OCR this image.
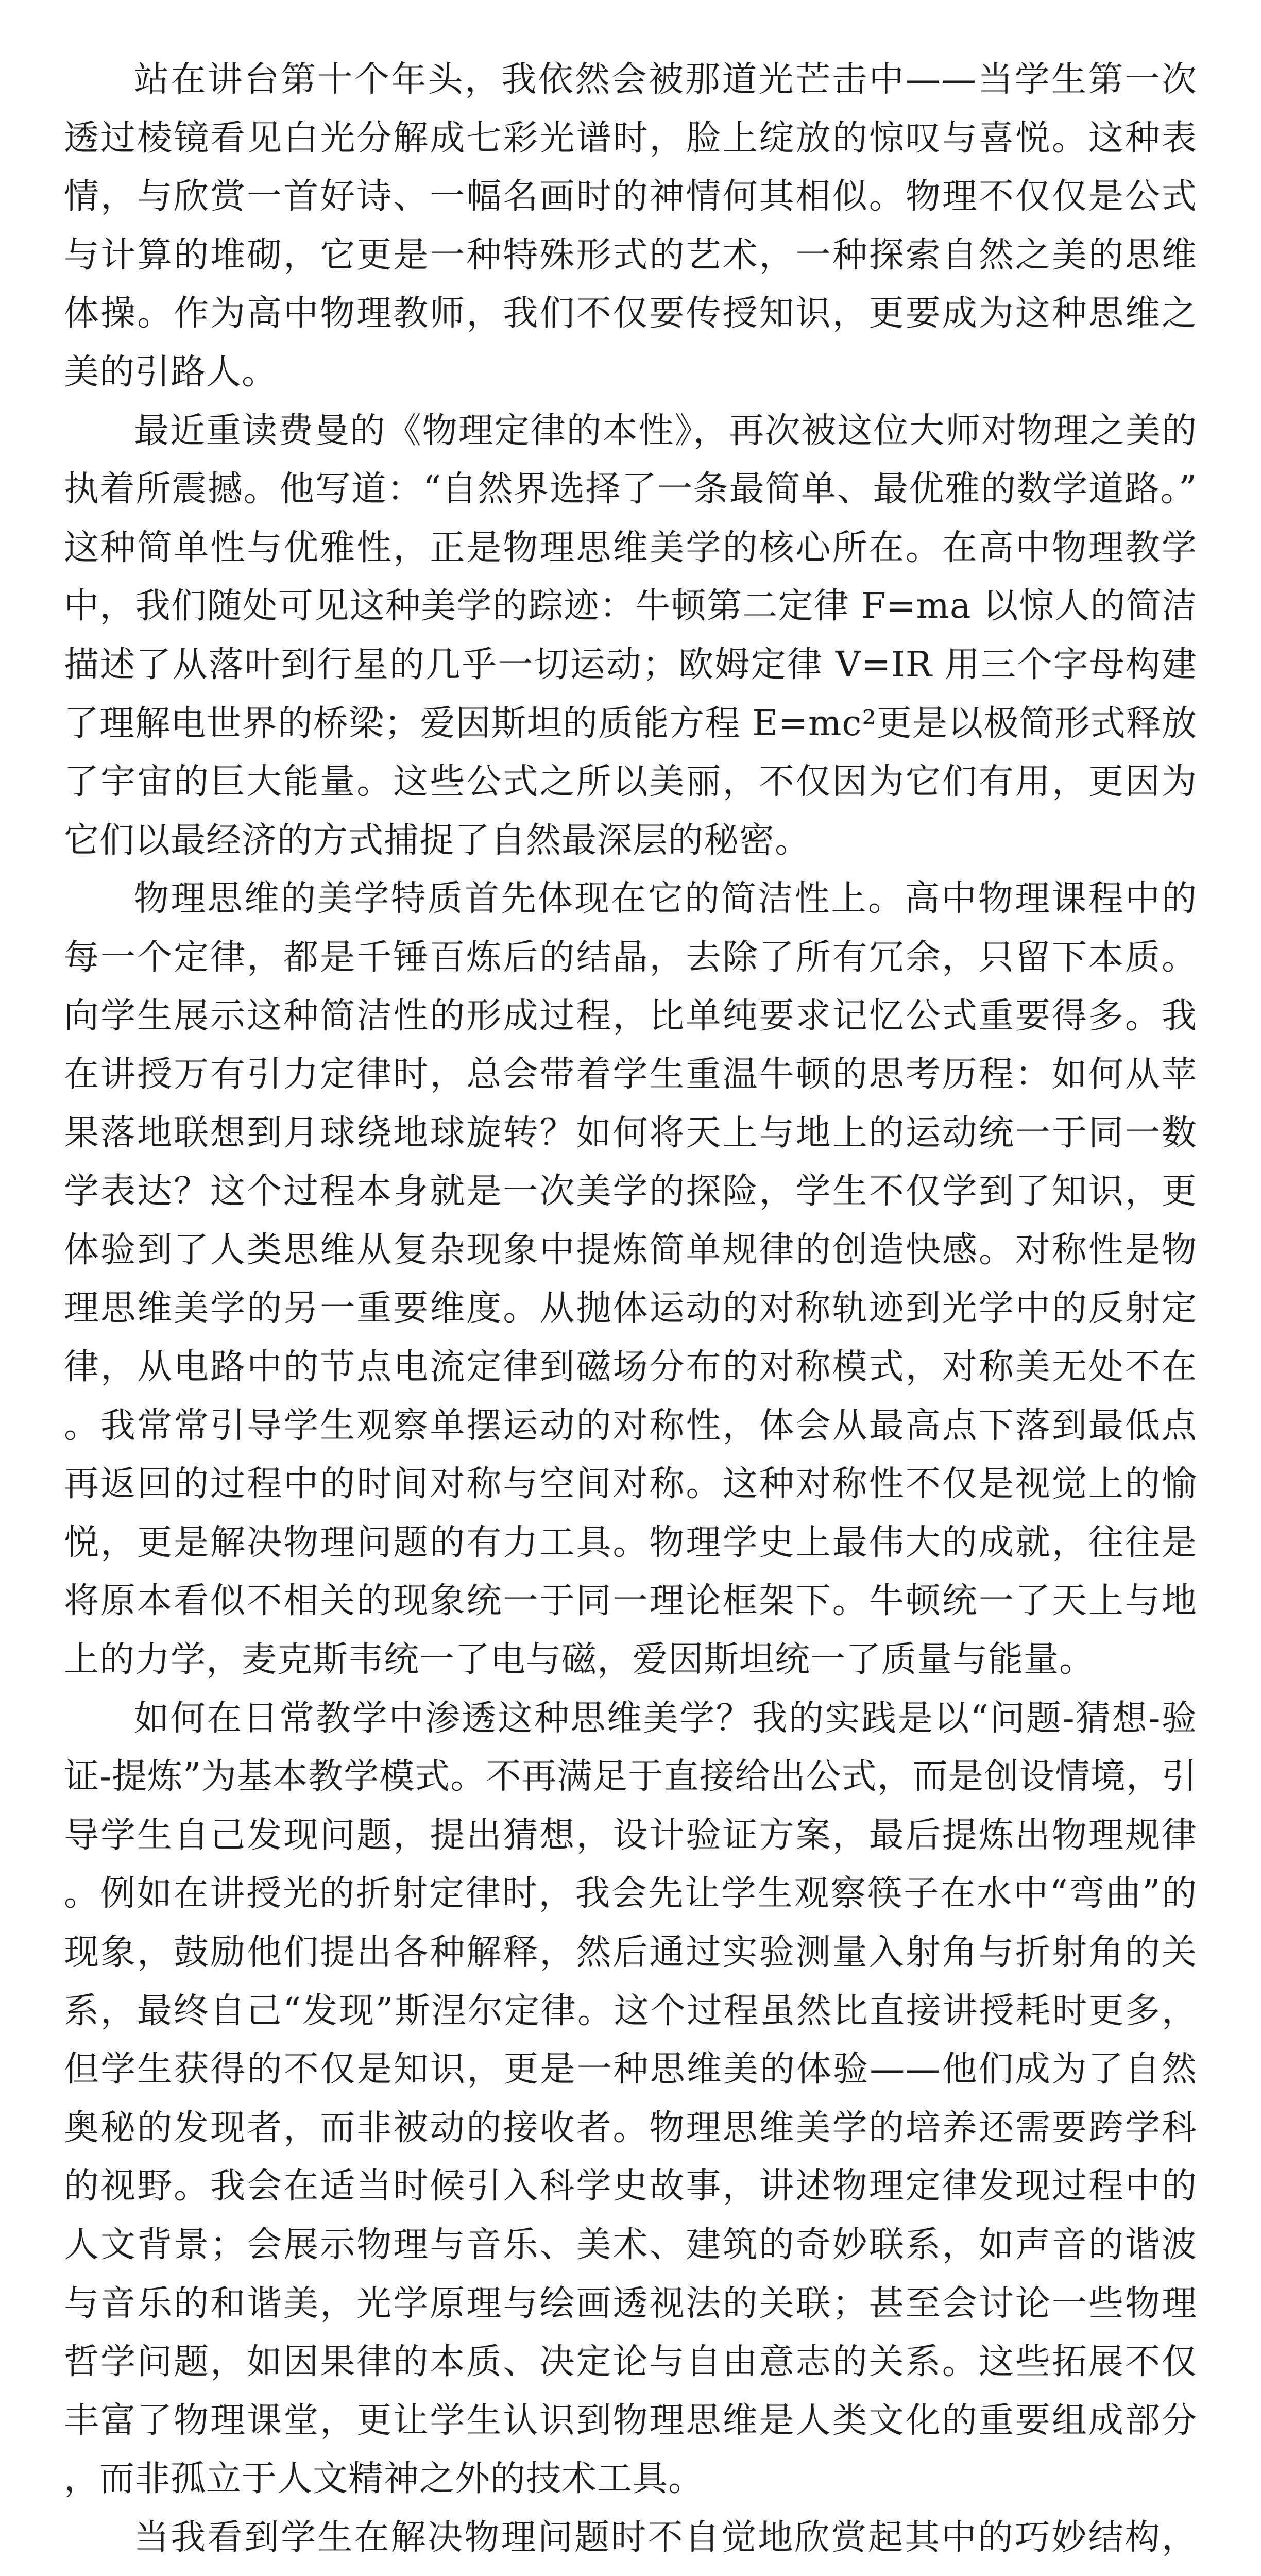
站在讲台第十个年头，我依然会被那道光芒击中——当学生第一次透过棱镜看见白光分解成七彩光谱时，脸上绽放的惊叹与喜悦。这种表情，与欣赏一首好诗、一幅名画时的神情何其相似。物理不仅仅是公式与计算的堆砌，它更是一种特殊形式的艺术，一种探索自然之美的思维体操。作为高中物理教师，我们不仅要传授知识，更要成为这种思维之美的引路人。

最近重读费曼的《物理定律的本性》，再次被这位大师对物理之美的执着所震撼。他写道：“自然界选择了一条最简单、最优雅的数学道路。”这种简单性与优雅性，正是物理思维美学的核心所在。在高中物理教学中，我们随处可见这种美学的踪迹：牛顿第二定律 F=ma 以惊人的简洁描述了从落叶到行星的几乎一切运动；欧姆定律 V=IR 用三个字母构建了理解电世界的桥梁；爱因斯坦的质能方程 E=mc²更是以极简形式释放了宇宙的巨大能量。这些公式之所以美丽，不仅因为它们有用，更因为它们以最经济的方式捕捉了自然最深层的秘密。

物理思维的美学特质首先体现在它的简洁性上。高中物理课程中的每一个定律，都是千锤百炼后的结晶，去除了所有冗余，只留下本质。向学生展示这种简洁性的形成过程，比单纯要求记忆公式重要得多。我在讲授万有引力定律时，总会带着学生重温牛顿的思考历程：如何从苹果落地联想到月球绕地球旋转？如何将天上与地上的运动统一于同一数学表达？这个过程本身就是一次美学的探险，学生不仅学到了知识，更体验到了人类思维从复杂现象中提炼简单规律的创造快感。对称性是物理思维美学的另一重要维度。从抛体运动的对称轨迹到光学中的反射定律，从电路中的节点电流定律到磁场分布的对称模式，对称美无处不在。我常常引导学生观察单摆运动的对称性，体会从最高点下落到最低点再返回的过程中的时间对称与空间对称。这种对称性不仅是视觉上的愉悦，更是解决物理问题的有力工具。物理学史上最伟大的成就，往往是将原本看似不相关的现象统一于同一理论框架下。牛顿统一了天上与地上的力学，麦克斯韦统一了电与磁，爱因斯坦统一了质量与能量。

如何在日常教学中渗透这种思维美学？我的实践是以“问题-猜想-验证-提炼”为基本教学模式。不再满足于直接给出公式，而是创设情境，引导学生自己发现问题，提出猜想，设计验证方案，最后提炼出物理规律。例如在讲授光的折射定律时，我会先让学生观察筷子在水中“弯曲”的现象，鼓励他们提出各种解释，然后通过实验测量入射角与折射角的关系，最终自己“发现”斯涅尔定律。这个过程虽然比直接讲授耗时更多，但学生获得的不仅是知识，更是一种思维美的体验——他们成为了自然奥秘的发现者，而非被动的接收者。物理思维美学的培养还需要跨学科的视野。我会在适当时候引入科学史故事，讲述物理定律发现过程中的人文背景；会展示物理与音乐、美术、建筑的奇妙联系，如声音的谐波与音乐的和谐美，光学原理与绘画透视法的关联；甚至会讨论一些物理哲学问题，如因果律的本质、决定论与自由意志的关系。这些拓展不仅丰富了物理课堂，更让学生认识到物理思维是人类文化的重要组成部分，而非孤立于人文精神之外的技术工具。

当我看到学生在解决物理问题时不自觉地欣赏起其中的巧妙结构，
